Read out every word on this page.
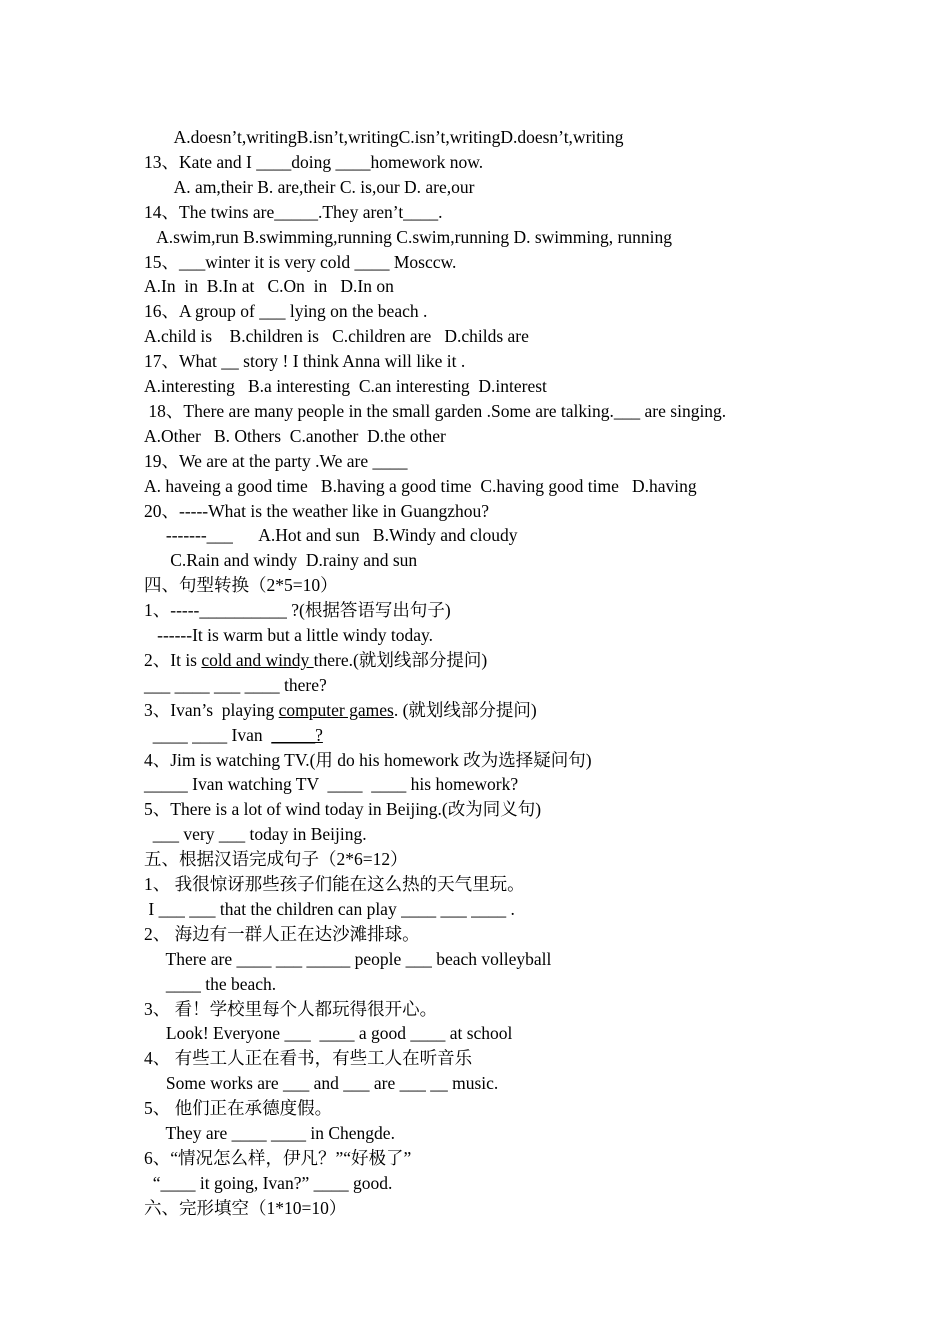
A.doesn’t,writingB.isn’t,writingC.isn’t,writingD.doesn’t,writing
13、Kate and I ____doing ____homework now.
A. am,their B. are,their C. is,our D. are,our
14、The twins are_____.They aren’t____.
A.swim,run B.swimming,running C.swim,running D. swimming, running
15、___winter it is very cold ____ Mosccw.
A.In  in  B.In at   C.On  in   D.In on
16、A group of ___ lying on the beach .
A.child is    B.children is   C.children are   D.childs are
17、What __ story ! I think Anna will like it .
A.interesting   B.a interesting  C.an interesting  D.interest
18、There are many people in the small garden .Some are talking.___ are singing.
A.Other   B. Others  C.another  D.the other
19、We are at the party .We are ____
A. haveing a good time   B.having a good time  C.having good time   D.having
20、-----What is the weather like in Guangzhou?
-------___      A.Hot and sun   B.Windy and cloudy
C.Rain and windy  D.rainy and sun
四、句型转换（2*5=10）
1、-----__________ ?(根据答语写出句子)
------It is warm but a little windy today.
2、It is cold and windy there.(就划线部分提问)
___ ____ ___ ____ there?
3、Ivan’s  playing computer games. (就划线部分提问)
____ ____ Ivan  _____?
4、Jim is watching TV.(用 do his homework 改为选择疑问句)
_____ Ivan watching TV  ____  ____ his homework?
5、There is a lot of wind today in Beijing.(改为同义句)
___ very ___ today in Beijing.
五、根据汉语完成句子（2*6=12）
1、 我很惊讶那些孩子们能在这么热的天气里玩。
I ___ ___ that the children can play ____ ___ ____ .
2、 海边有一群人正在达沙滩排球。
There are ____ ___ _____ people ___ beach volleyball
____ the beach.
3、 看！学校里每个人都玩得很开心。
Look! Everyone ___  ____ a good ____ at school
4、 有些工人正在看书，有些工人在听音乐
Some works are ___ and ___ are ___ __ music.
5、 他们正在承德度假。
They are ____ ____ in Chengde.
6、“情况怎么样，伊凡？”“好极了”
“____ it going, Ivan?” ____ good.
六、完形填空（1*10=10）
